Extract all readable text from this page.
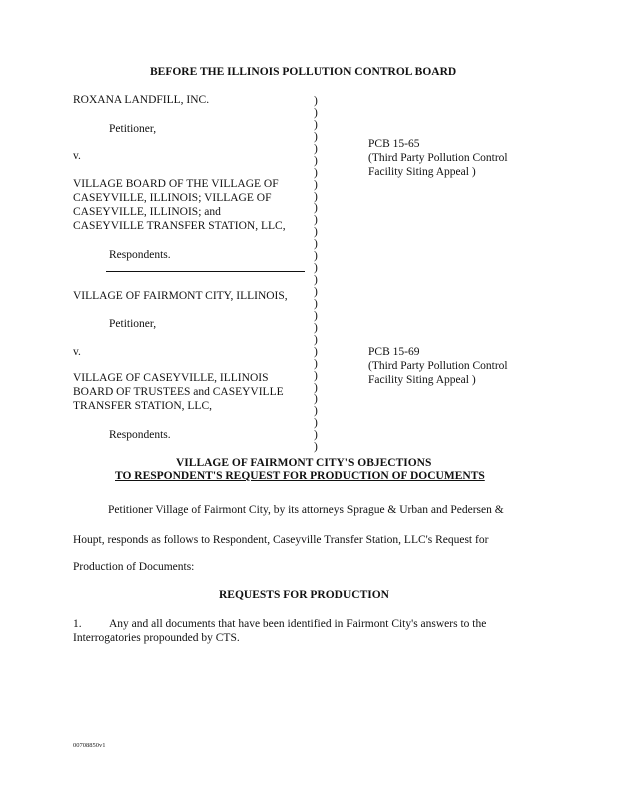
BEFORE THE ILLINOIS POLLUTION CONTROL BOARD
ROXANA LANDFILL, INC.
Petitioner,
v.
VILLAGE BOARD OF THE VILLAGE OF
CASEYVILLE, ILLINOIS; VILLAGE OF
CASEYVILLE, ILLINOIS; and
CASEYVILLE TRANSFER STATION, LLC,
Respondents.
PCB 15-65
(Third Party Pollution Control
Facility Siting Appeal )
VILLAGE OF FAIRMONT CITY, ILLINOIS,
Petitioner,
v.
VILLAGE OF CASEYVILLE, ILLINOIS
BOARD OF TRUSTEES and CASEYVILLE
TRANSFER STATION, LLC,
Respondents.
PCB 15-69
(Third Party Pollution Control
Facility Siting Appeal )
)
)
)
)
)
)
)
)
)
)
)
)
)
)
)
)
)
)
)
)
)
)
)
)
)
)
)
)
)
)
VILLAGE OF FAIRMONT CITY'S OBJECTIONS
TO RESPONDENT'S REQUEST FOR PRODUCTION OF DOCUMENTS
Petitioner Village of Fairmont City, by its attorneys Sprague & Urban and Pedersen &
Houpt, responds as follows to Respondent, Caseyville Transfer Station, LLC's Request for
Production of Documents:
REQUESTS FOR PRODUCTION
1. Any and all documents that have been identified in Fairmont City's answers to the
Interrogatories propounded by CTS.
00708850v1
